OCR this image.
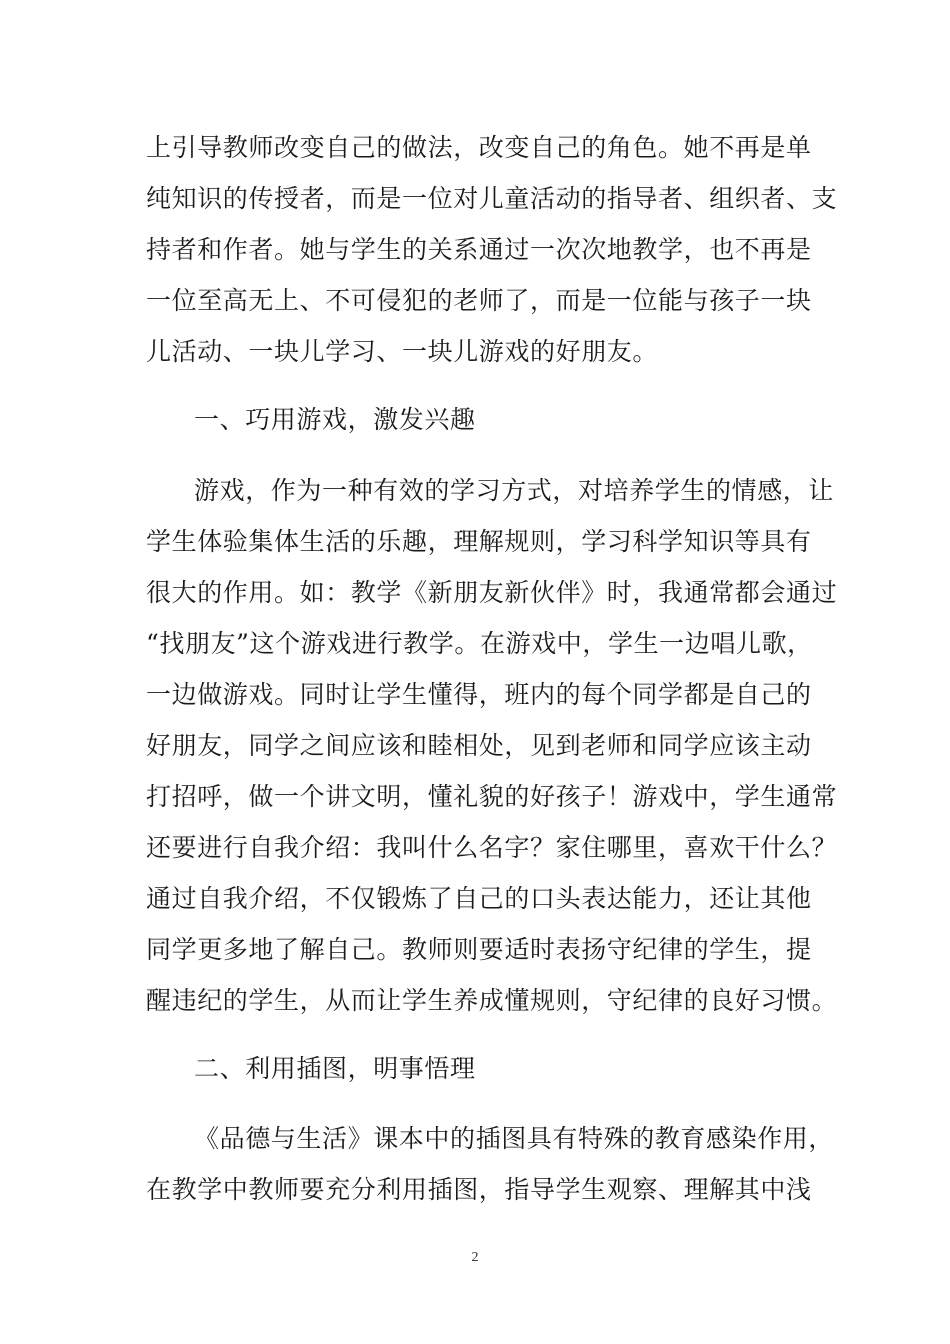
上引导教师改变自己的做法，改变自己的角色。她不再是单
纯知识的传授者，而是一位对儿童活动的指导者、组织者、支
持者和作者。她与学生的关系通过一次次地教学，也不再是
一位至高无上、不可侵犯的老师了，而是一位能与孩子一块
儿活动、一块儿学习、一块儿游戏的好朋友。
一、巧用游戏，激发兴趣
游戏，作为一种有效的学习方式，对培养学生的情感，让
学生体验集体生活的乐趣，理解规则，学习科学知识等具有
很大的作用。如：教学《新朋友新伙伴》时，我通常都会通过
“找朋友”这个游戏进行教学。在游戏中，学生一边唱儿歌，
一边做游戏。同时让学生懂得，班内的每个同学都是自己的
好朋友，同学之间应该和睦相处，见到老师和同学应该主动
打招呼，做一个讲文明，懂礼貌的好孩子！游戏中，学生通常
还要进行自我介绍：我叫什么名字？家住哪里，喜欢干什么？
通过自我介绍，不仅锻炼了自己的口头表达能力，还让其他
同学更多地了解自己。教师则要适时表扬守纪律的学生，提
醒违纪的学生，从而让学生养成懂规则，守纪律的良好习惯。
二、利用插图，明事悟理
《品德与生活》课本中的插图具有特殊的教育感染作用，
在教学中教师要充分利用插图，指导学生观察、理解其中浅
2
